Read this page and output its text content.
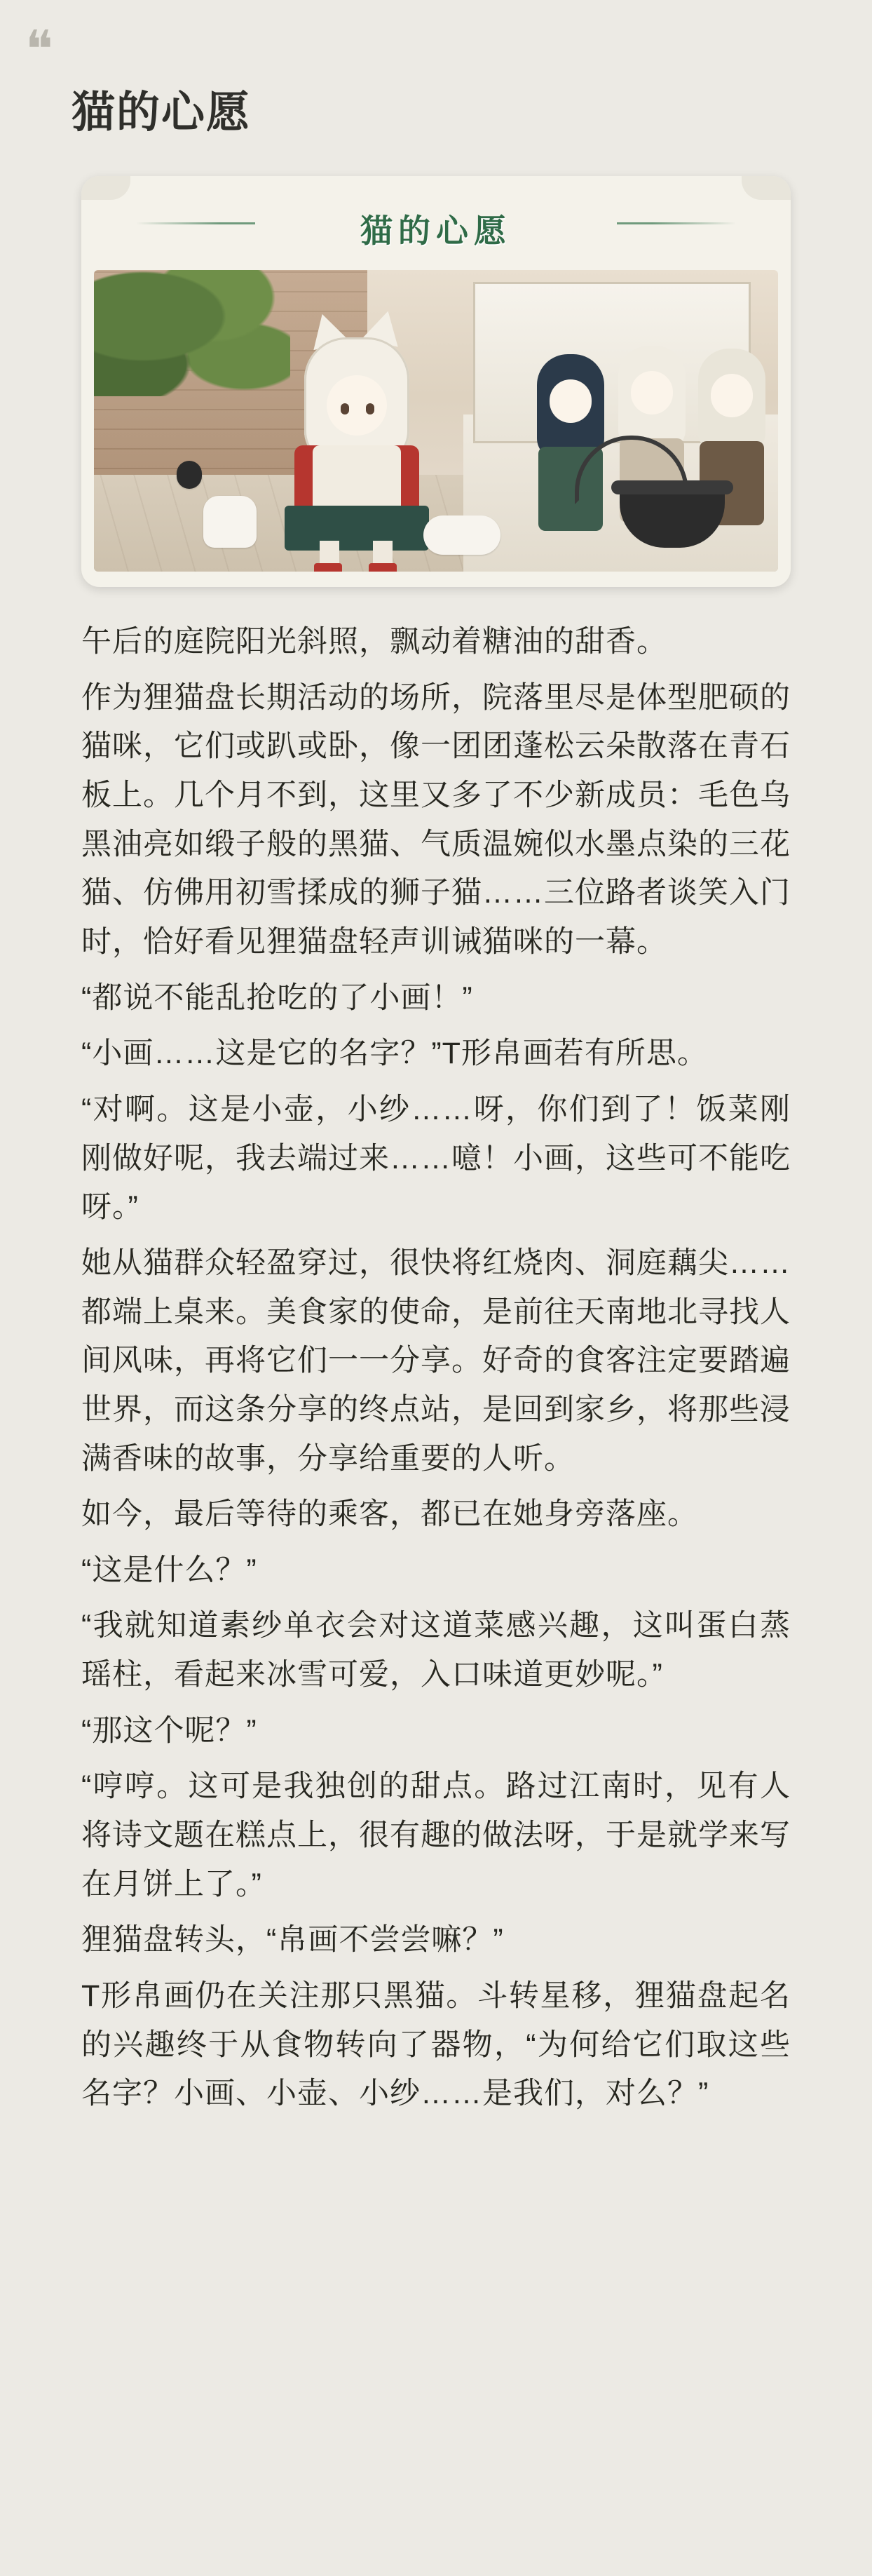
❝
猫的心愿
猫的心愿

午后的庭院阳光斜照，飘动着糖油的甜香。

作为狸猫盘长期活动的场所，院落里尽是体型肥硕的猫咪，它们或趴或卧，像一团团蓬松云朵散落在青石板上。几个月不到，这里又多了不少新成员：毛色乌黑油亮如缎子般的黑猫、气质温婉似水墨点染的三花猫、仿佛用初雪揉成的狮子猫……三位路者谈笑入门时，恰好看见狸猫盘轻声训诫猫咪的一幕。

“都说不能乱抢吃的了小画！”

“小画……这是它的名字？”T形帛画若有所思。

“对啊。这是小壶，小纱……呀，你们到了！饭菜刚刚做好呢，我去端过来……噫！小画，这些可不能吃呀。”

她从猫群众轻盈穿过，很快将红烧肉、洞庭藕尖……都端上桌来。美食家的使命，是前往天南地北寻找人间风味，再将它们一一分享。好奇的食客注定要踏遍世界，而这条分享的终点站，是回到家乡，将那些浸满香味的故事，分享给重要的人听。

如今，最后等待的乘客，都已在她身旁落座。

“这是什么？”

“我就知道素纱单衣会对这道菜感兴趣，这叫蛋白蒸瑶柱，看起来冰雪可爱，入口味道更妙呢。”

“那这个呢？”

“哼哼。这可是我独创的甜点。路过江南时，见有人将诗文题在糕点上，很有趣的做法呀，于是就学来写在月饼上了。”

狸猫盘转头，“帛画不尝尝嘛？”

T形帛画仍在关注那只黑猫。斗转星移，狸猫盘起名的兴趣终于从食物转向了器物，“为何给它们取这些名字？小画、小壶、小纱……是我们，对么？”
